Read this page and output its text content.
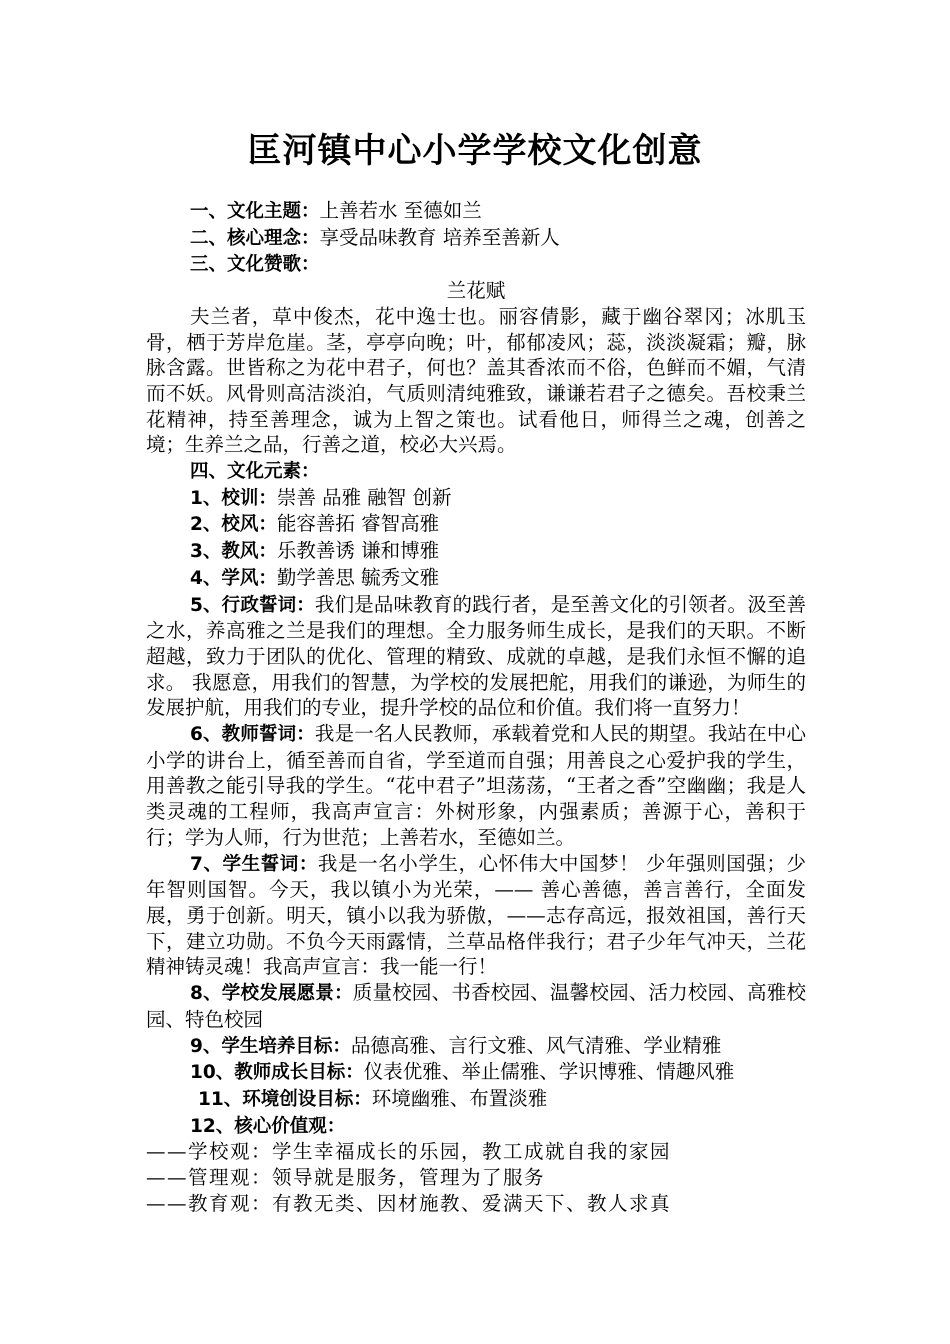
匡河镇中心小学学校文化创意

一、文化主题：上善若水 至德如兰

二、核心理念：享受品味教育 培养至善新人

三、文化赞歌：

兰花赋

夫兰者，草中俊杰，花中逸士也。丽容倩影，藏于幽谷翠冈；冰肌玉骨，栖于芳岸危崖。茎，亭亭向晚；叶，郁郁凌风；蕊，淡淡凝霜；瓣，脉脉含露。世皆称之为花中君子，何也？盖其香浓而不俗，色鲜而不媚，气清而不妖。风骨则高洁淡泊，气质则清纯雅致，谦谦若君子之德矣。吾校秉兰花精神，持至善理念，诚为上智之策也。试看他日，师得兰之魂，创善之境；生养兰之品，行善之道，校必大兴焉。

四、文化元素：

1、校训：崇善 品雅 融智 创新

2、校风：能容善拓 睿智高雅

3、教风：乐教善诱 谦和博雅

4、学风：勤学善思 毓秀文雅

5、行政誓词：我们是品味教育的践行者，是至善文化的引领者。汲至善之水，养高雅之兰是我们的理想。全力服务师生成长，是我们的天职。不断超越，致力于团队的优化、管理的精致、成就的卓越，是我们永恒不懈的追求。 我愿意，用我们的智慧，为学校的发展把舵，用我们的谦逊，为师生的发展护航，用我们的专业，提升学校的品位和价值。我们将一直努力！

6、教师誓词：我是一名人民教师，承载着党和人民的期望。我站在中心小学的讲台上，循至善而自省，学至道而自强；用善良之心爱护我的学生，用善教之能引导我的学生。“花中君子”坦荡荡，“王者之香”空幽幽；我是人类灵魂的工程师，我高声宣言：外树形象，内强素质；善源于心，善积于行；学为人师，行为世范；上善若水，至德如兰。

7、学生誓词：我是一名小学生，心怀伟大中国梦！ 少年强则国强；少年智则国智。今天，我以镇小为光荣，—— 善心善德，善言善行，全面发展，勇于创新。明天，镇小以我为骄傲，——志存高远，报效祖国，善行天下，建立功勋。不负今天雨露情，兰草品格伴我行；君子少年气冲天，兰花精神铸灵魂！我高声宣言：我一能一行！

8、学校发展愿景：质量校园、书香校园、温馨校园、活力校园、高雅校园、特色校园

9、学生培养目标：品德高雅、言行文雅、风气清雅、学业精雅

10、教师成长目标：仪表优雅、举止儒雅、学识博雅、情趣风雅

11、环境创设目标：环境幽雅、布置淡雅

12、核心价值观：

——学校观：学生幸福成长的乐园，教工成就自我的家园

——管理观：领导就是服务，管理为了服务

——教育观：有教无类、因材施教、爱满天下、教人求真
